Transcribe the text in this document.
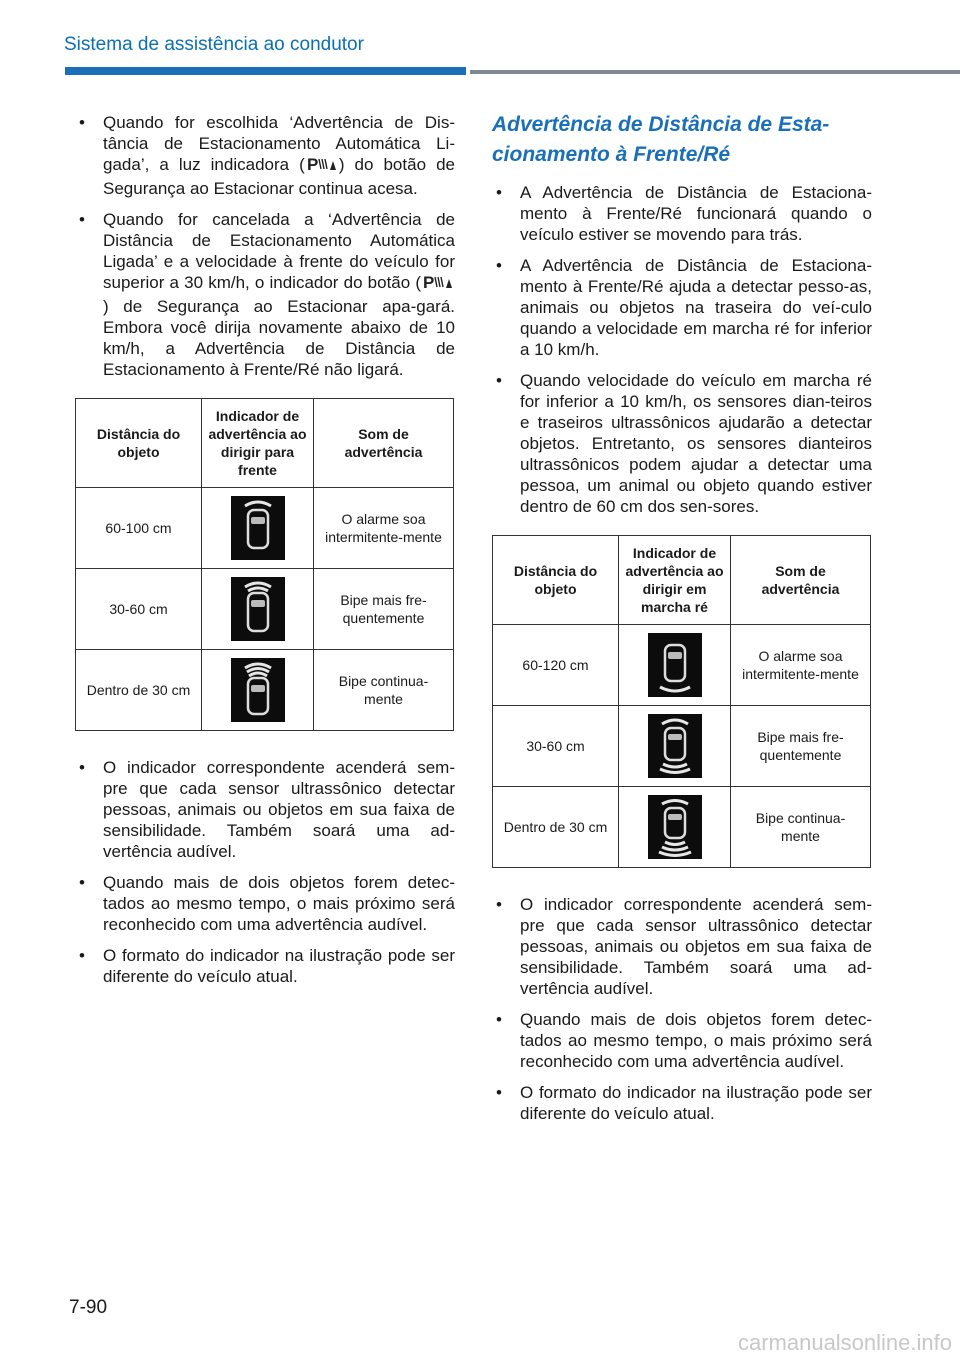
Sistema de assistência ao condutor
• Quando for escolhida ‘Advertência de Dis-tância de Estacionamento Automática Li-gada’, a luz indicadora ( P ) do botão de Segurança ao Estacionar continua acesa.
• Quando for cancelada a ‘Advertência de Distância de Estacionamento Automática Ligada’ e a velocidade à frente do veículo for superior a 30 km/h, o indicador do botão ( P
) de Segurança ao Estacionar apa-gará. Embora você dirija novamente abaixo de 10 km/h, a Advertência de Distância de Estacionamento à Frente/Ré não ligará.
Distância do objeto	Indicador de advertência ao dirigir para frente	Som de advertência
60-100 cm		O alarme soa intermitente-mente
30-60 cm		Bipe mais fre-quentemente
Dentro de 30 cm		Bipe continua-mente
• O indicador correspondente acenderá sem-pre que cada sensor ultrassônico detectar pessoas, animais ou objetos em sua faixa de sensibilidade. Também soará uma ad-vertência audível.
• Quando mais de dois objetos forem detec-tados ao mesmo tempo, o mais próximo será reconhecido com uma advertência audível.
• O formato do indicador na ilustração pode ser diferente do veículo atual.
Advertência de Distância de Esta-cionamento à Frente/Ré
• A Advertência de Distância de Estaciona-mento à Frente/Ré funcionará quando o veículo estiver se movendo para trás.
• A Advertência de Distância de Estaciona-mento à Frente/Ré ajuda a detectar pesso-as, animais ou objetos na traseira do veí-culo quando a velocidade em marcha ré for inferior a 10 km/h.
• Quando velocidade do veículo em marcha ré for inferior a 10 km/h, os sensores dian-teiros e traseiros ultrassônicos ajudarão a detectar objetos. Entretanto, os sensores dianteiros ultrassônicos podem ajudar a detectar uma pessoa, um animal ou objeto quando estiver dentro de 60 cm dos sen-sores.
Distância do objeto	Indicador de advertência ao dirigir em marcha ré	Som de advertência
60-120 cm		O alarme soa intermitente-mente
30-60 cm		Bipe mais fre-quentemente
Dentro de 30 cm		Bipe continua-mente
• O indicador correspondente acenderá sem-pre que cada sensor ultrassônico detectar pessoas, animais ou objetos em sua faixa de sensibilidade. Também soará uma ad-vertência audível.
• Quando mais de dois objetos forem detec-tados ao mesmo tempo, o mais próximo será reconhecido com uma advertência audível.
• O formato do indicador na ilustração pode ser diferente do veículo atual.
7-90
carmanualsonline.info
